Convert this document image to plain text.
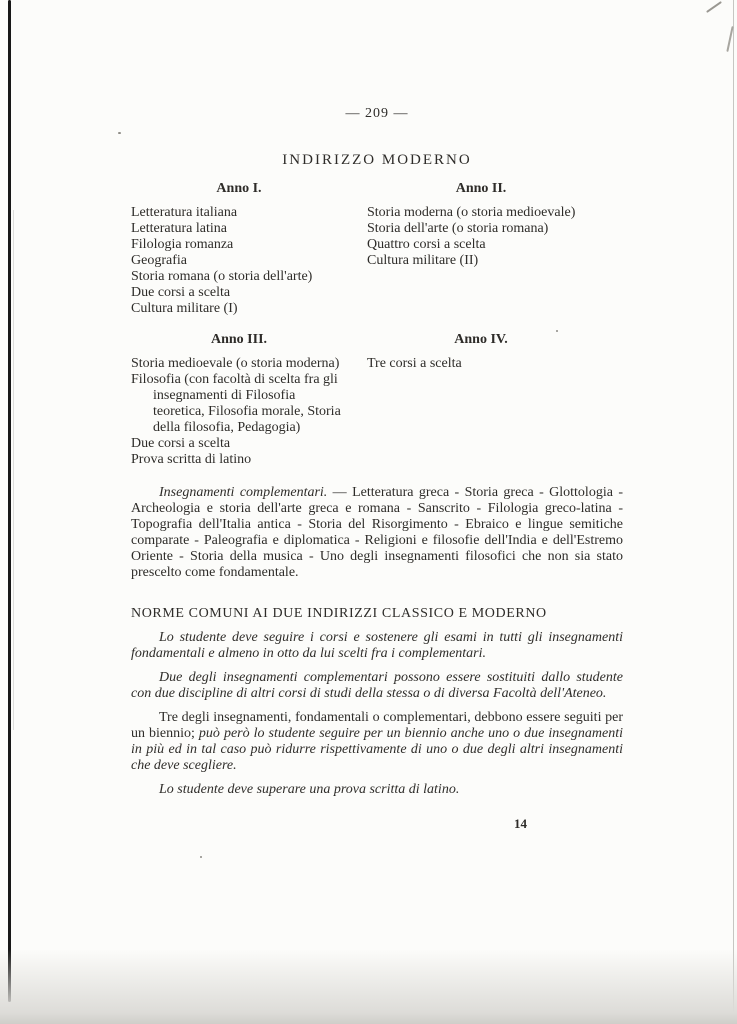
— 209 —
INDIRIZZO MODERNO
Anno I.
Letteratura italiana
Letteratura latina
Filologia romanza
Geografia
Storia romana (o storia dell'arte)
Due corsi a scelta
Cultura militare (I)
Anno II.
Storia moderna (o storia medioevale)
Storia dell'arte (o storia romana)
Quattro corsi a scelta
Cultura militare (II)
Anno III.
Storia medioevale (o storia moderna)
Filosofia (con facoltà di scelta fra gli insegnamenti di Filosofia teoretica, Filosofia morale, Storia della filosofia, Pedagogia)
Due corsi a scelta
Prova scritta di latino
Anno IV.
Tre corsi a scelta

Insegnamenti complementari. — Letteratura greca - Storia greca - Glottologia - Archeologia e storia dell'arte greca e romana - Sanscrito - Filologia greco-latina - Topografia dell'Italia antica - Storia del Risorgimento - Ebraico e lingue semitiche comparate - Paleografia e diplomatica - Religioni e filosofie dell'India e dell'Estremo Oriente - Storia della musica - Uno degli insegnamenti filosofici che non sia stato prescelto come fondamentale.

NORME COMUNI AI DUE INDIRIZZI CLASSICO E MODERNO

Lo studente deve seguire i corsi e sostenere gli esami in tutti gli insegnamenti fondamentali e almeno in otto da lui scelti fra i complementari.

Due degli insegnamenti complementari possono essere sostituiti dallo studente con due discipline di altri corsi di studi della stessa o di diversa Facoltà dell'Ateneo.

Tre degli insegnamenti, fondamentali o complementari, debbono essere seguiti per un biennio; può però lo studente seguire per un biennio anche uno o due insegnamenti in più ed in tal caso può ridurre rispettivamente di uno o due degli altri insegnamenti che deve scegliere.

Lo studente deve superare una prova scritta di latino.

14
